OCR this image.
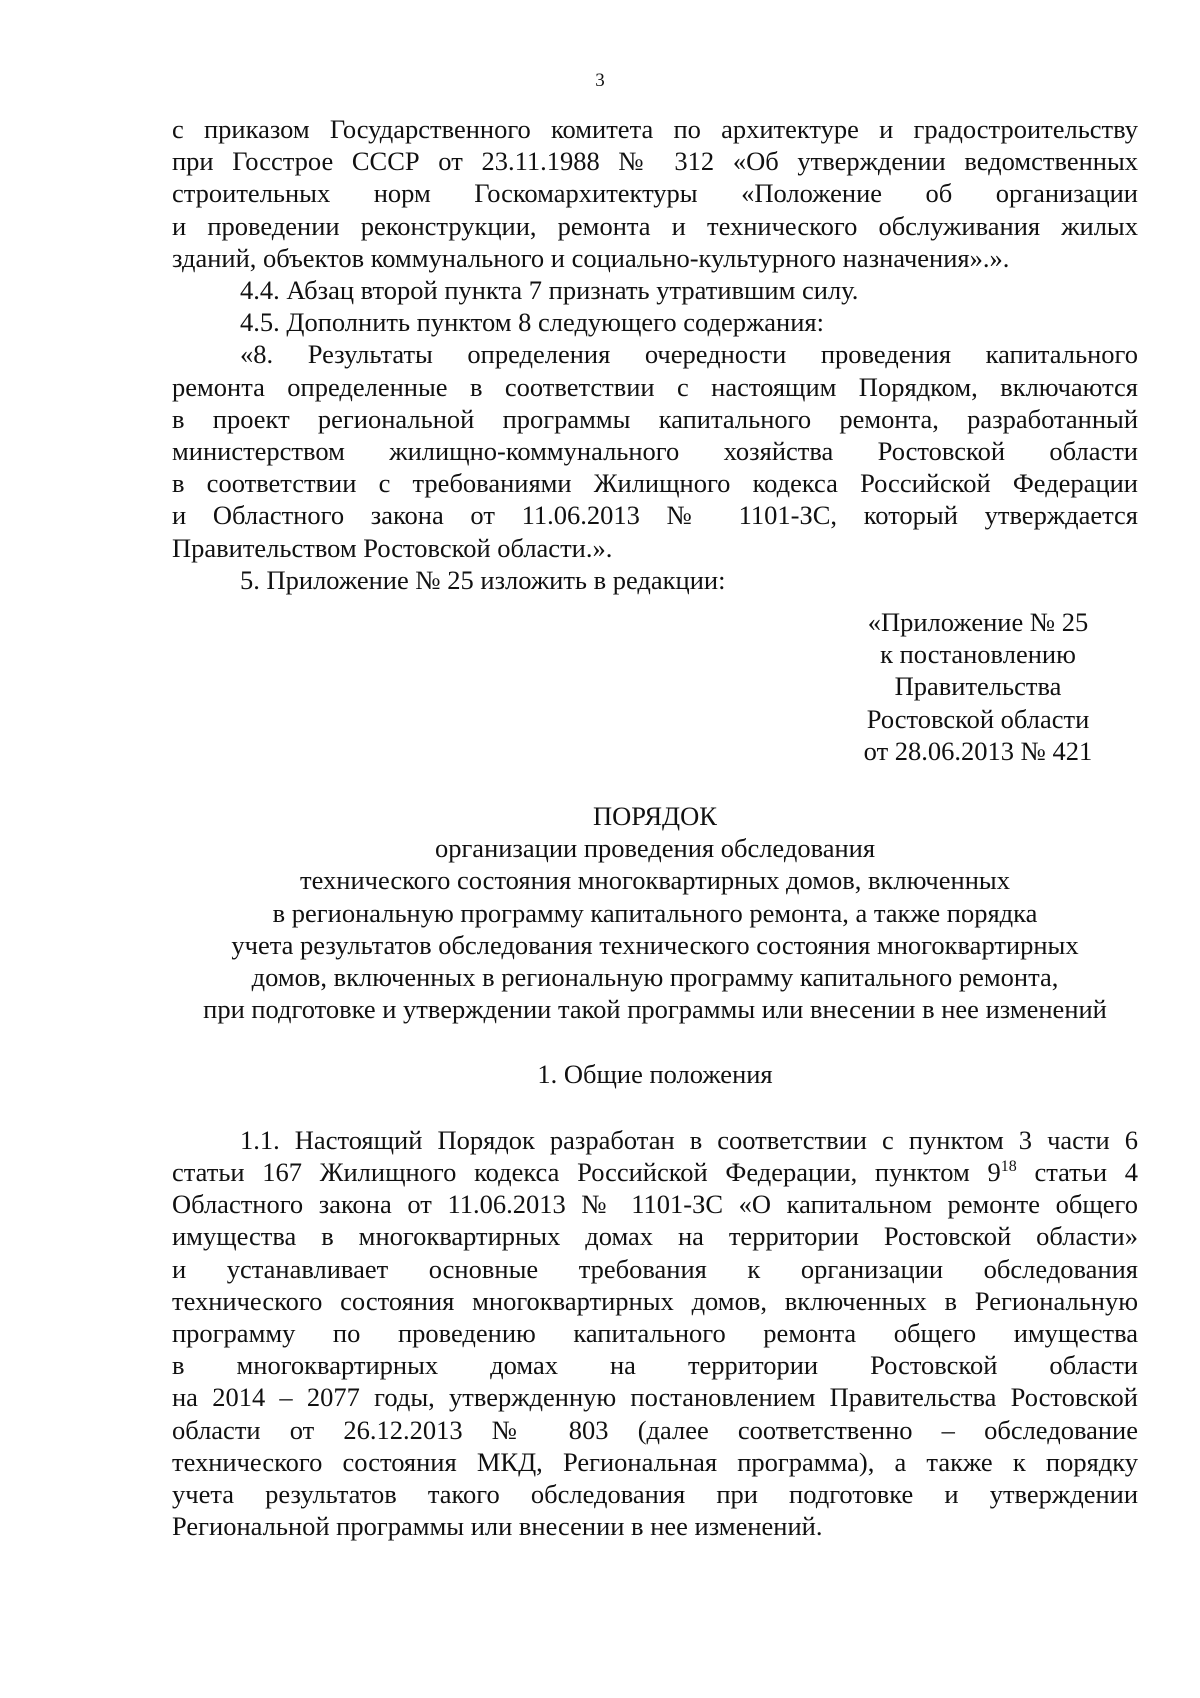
3
с приказом Государственного комитета по архитектуре и градостроительству
при Госстрое СССР от 23.11.1988 № 312 «Об утверждении ведомственных
строительных норм Госкомархитектуры «Положение об организации
и проведении реконструкции, ремонта и технического обслуживания жилых
зданий, объектов коммунального и социально-культурного назначения».».
4.4. Абзац второй пункта 7 признать утратившим силу.
4.5. Дополнить пунктом 8 следующего содержания:
«8. Результаты определения очередности проведения капитального
ремонта определенные в соответствии с настоящим Порядком, включаются
в проект региональной программы капитального ремонта, разработанный
министерством жилищно-коммунального хозяйства Ростовской области
в соответствии с требованиями Жилищного кодекса Российской Федерации
и Областного закона от 11.06.2013 № 1101-ЗС, который утверждается
Правительством Ростовской области.».
5. Приложение № 25 изложить в редакции:
«Приложение № 25
к постановлению
Правительства
Ростовской области
от 28.06.2013 № 421
ПОРЯДОК
организации проведения обследования
технического состояния многоквартирных домов, включенных
в региональную программу капитального ремонта, а также порядка
учета результатов обследования технического состояния многоквартирных
домов, включенных в региональную программу капитального ремонта,
при подготовке и утверждении такой программы или внесении в нее изменений
1. Общие положения
1.1. Настоящий Порядок разработан в соответствии с пунктом 3 части 6
статьи 167 Жилищного кодекса Российской Федерации, пунктом $9^{18}$ статьи 4
Областного закона от 11.06.2013 № 1101-ЗС «О капитальном ремонте общего
имущества в многоквартирных домах на территории Ростовской области»
и устанавливает основные требования к организации обследования
технического состояния многоквартирных домов, включенных в Региональную
программу по проведению капитального ремонта общего имущества
в многоквартирных домах на территории Ростовской области
на 2014 – 2077 годы, утвержденную постановлением Правительства Ростовской
области от 26.12.2013 № 803 (далее соответственно – обследование
технического состояния МКД, Региональная программа), а также к порядку
учета результатов такого обследования при подготовке и утверждении
Региональной программы или внесении в нее изменений.
